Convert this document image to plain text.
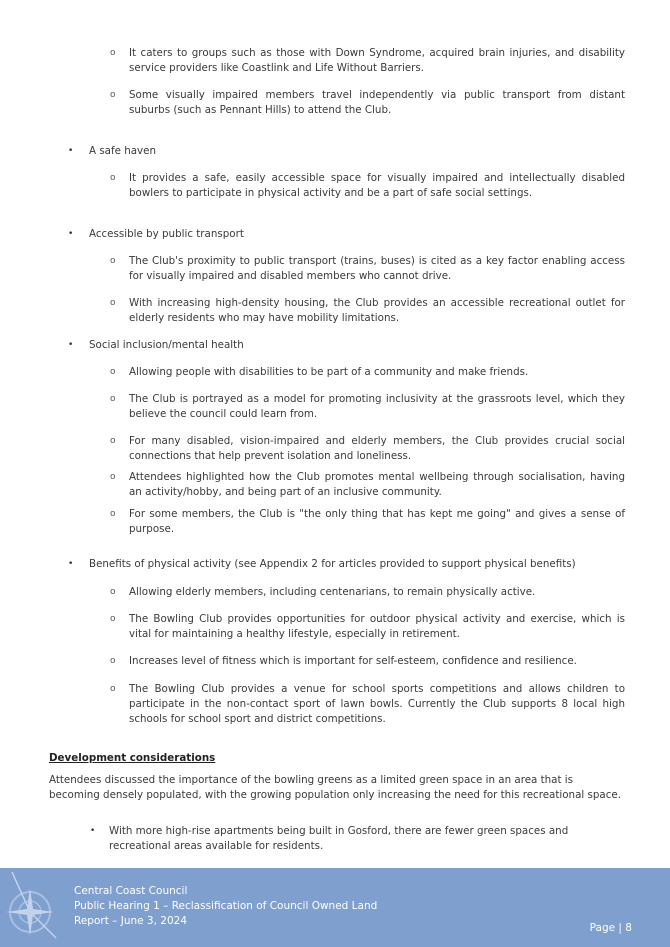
o It caters to groups such as those with Down Syndrome, acquired brain injuries, and disability service providers like Coastlink and Life Without Barriers.
o Some visually impaired members travel independently via public transport from distant suburbs (such as Pennant Hills) to attend the Club.
• A safe haven
o It provides a safe, easily accessible space for visually impaired and intellectually disabled bowlers to participate in physical activity and be a part of safe social settings.
• Accessible by public transport
o The Club's proximity to public transport (trains, buses) is cited as a key factor enabling access for visually impaired and disabled members who cannot drive.
o With increasing high-density housing, the Club provides an accessible recreational outlet for elderly residents who may have mobility limitations.
• Social inclusion/mental health
o Allowing people with disabilities to be part of a community and make friends.
o The Club is portrayed as a model for promoting inclusivity at the grassroots level, which they believe the council could learn from.
o For many disabled, vision-impaired and elderly members, the Club provides crucial social connections that help prevent isolation and loneliness.
o Attendees highlighted how the Club promotes mental wellbeing through socialisation, having an activity/hobby, and being part of an inclusive community.
o For some members, the Club is "the only thing that has kept me going" and gives a sense of purpose.
• Benefits of physical activity (see Appendix 2 for articles provided to support physical benefits)
o Allowing elderly members, including centenarians, to remain physically active.
o The Bowling Club provides opportunities for outdoor physical activity and exercise, which is vital for maintaining a healthy lifestyle, especially in retirement.
o Increases level of fitness which is important for self-esteem, confidence and resilience.
o The Bowling Club provides a venue for school sports competitions and allows children to participate in the non-contact sport of lawn bowls. Currently the Club supports 8 local high schools for school sport and district competitions.
Development considerations
Attendees discussed the importance of the bowling greens as a limited green space in an area that is becoming densely populated, with the growing population only increasing the need for this recreational space.
• With more high-rise apartments being built in Gosford, there are fewer green spaces and recreational areas available for residents.
Central Coast Council
Public Hearing 1 – Reclassification of Council Owned Land
Report – June 3, 2024
Page | 8
